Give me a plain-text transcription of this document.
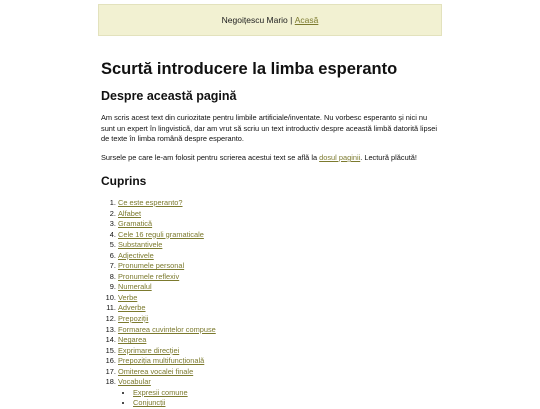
Negoițescu Mario | Acasă
Scurtă introducere la limba esperanto
Despre această pagină

Am scris acest text din curiozitate pentru limbile artificiale/inventate. Nu vorbesc esperanto și nici nu sunt un expert în lingvistică, dar am vrut să scriu un text introductiv despre această limbă datorită lipsei de texte în limba română despre esperanto.

Sursele pe care le-am folosit pentru scrierea acestui text se află la dosul paginii. Lectură plăcută!

Cuprins
1. Ce este esperanto?
2. Alfabet
3. Gramatică
4. Cele 16 reguli gramaticale
5. Substantivele
6. Adjectivele
7. Pronumele personal
8. Pronumele reflexiv
9. Numeralul
10. Verbe
11. Adverbe
12. Prepoziții
13. Formarea cuvintelor compuse
14. Negarea
15. Exprimare direcției
16. Prepoziția multifuncțională
17. Omiterea vocalei finale
18. Vocabular
• Expresii comune
• Conjuncții
